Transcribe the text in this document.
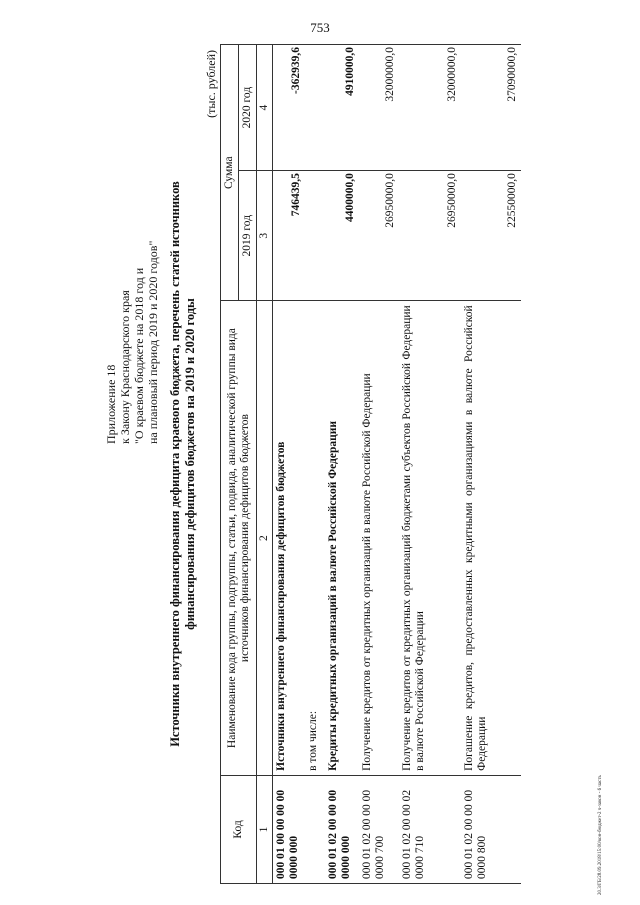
753
20.3/ГБ/28.09.2018/15:00/кон-бюджет-2 ч-закон - 6 часть
Приложение 18 к Закону Краснодарского края "О краевом бюджете на 2018 год и на плановый период 2019 и 2020 годов" Источники внутреннего финансирования дефицита краевого бюджета, перечень статей источников финансирования дефицитов бюджетов на 2019 и 2020 годы
(тыс. рублей)
Код	Наименование кода группы, подгруппы, статьи, подвида, аналитической группы вида источников финансирования дефицитов бюджетов	Сумма	
		2019 год	2020 год
1	2	3	4
000 01 00 00 00 00 0000 000	Источники внутреннего финансирования дефицитов бюджетов	746439,5	-362939,6
	в том числе:		
000 01 02 00 00 00 0000 000	Кредиты кредитных организаций в валюте Российской Федерации	4400000,0	4910000,0
000 01 02 00 00 00 0000 700	Получение кредитов от кредитных организаций в валюте Российской Федерации	26950000,0	32000000,0
000 01 02 00 00 02 0000 710	Получение кредитов от кредитных организаций бюджетами субъектов Российской Федерации в валюте Российской Федерации	26950000,0	32000000,0
000 01 02 00 00 00 0000 800	Погашение кредитов, предоставленных кредитными организациями в валюте Российской Федерации	22550000,0	27090000,0
